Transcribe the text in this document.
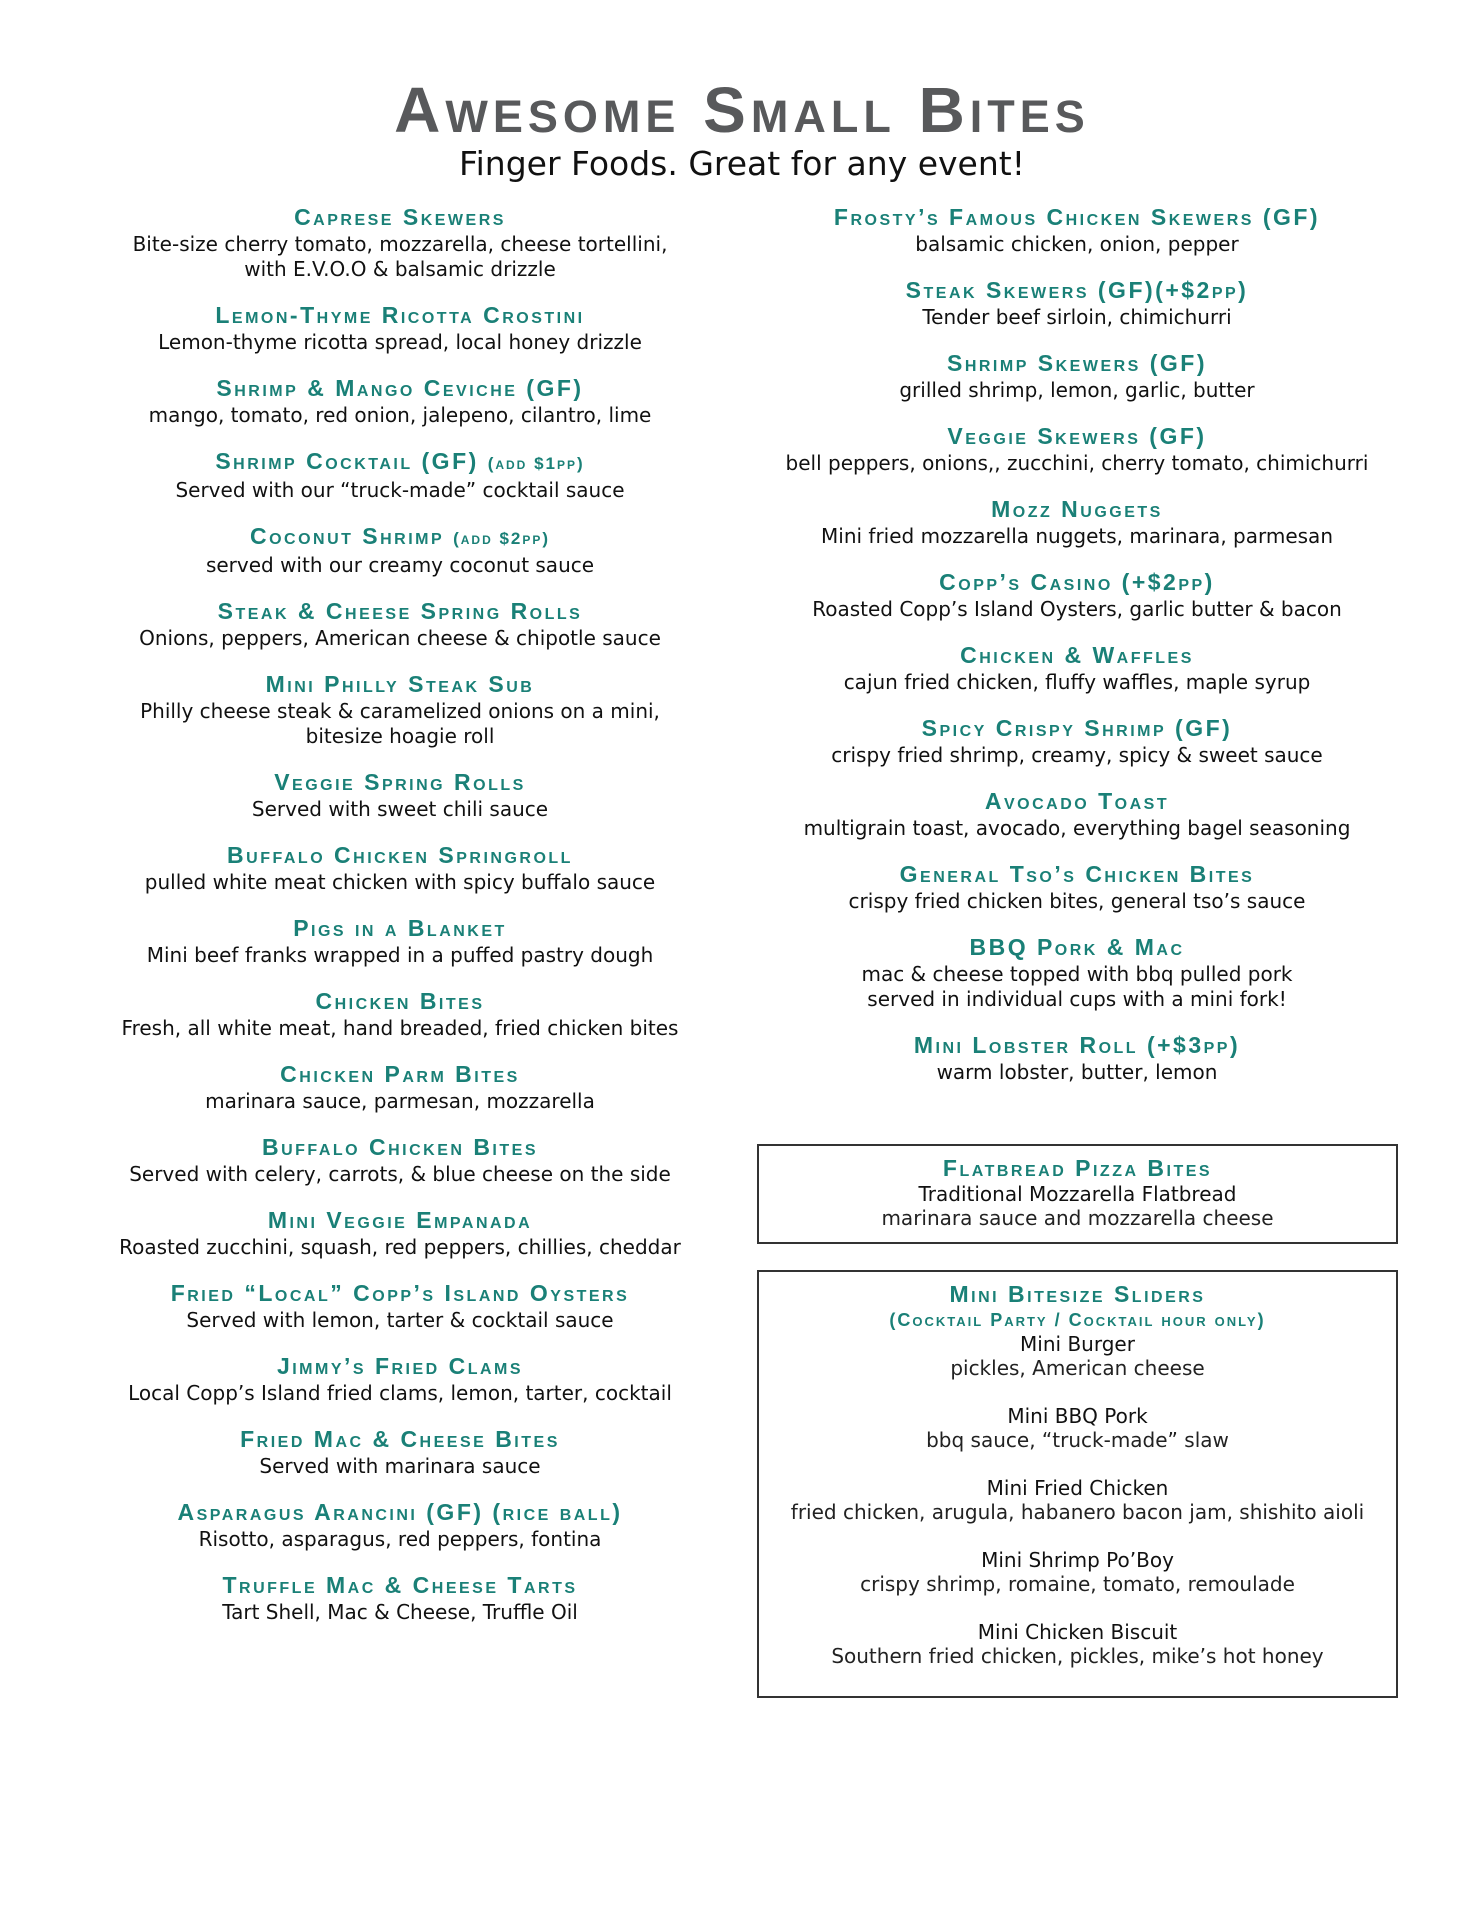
Awesome Small Bites
Finger Foods. Great for any event!
Caprese Skewers
Bite-size cherry tomato, mozzarella, cheese tortellini,
with E.V.O.O & balsamic drizzle
Lemon-Thyme Ricotta Crostini
Lemon-thyme ricotta spread, local honey drizzle
Shrimp & Mango Ceviche (GF)
mango, tomato, red onion, jalepeno, cilantro, lime
Shrimp Cocktail (GF) (add $1pp)
Served with our “truck-made” cocktail sauce
Coconut Shrimp (add $2pp)
served with our creamy coconut sauce
Steak & Cheese Spring Rolls
Onions, peppers, American cheese & chipotle sauce
Mini Philly Steak Sub
Philly cheese steak & caramelized onions on a mini,
bitesize hoagie roll
Veggie Spring Rolls
Served with sweet chili sauce
Buffalo Chicken Springroll
pulled white meat chicken with spicy buffalo sauce
Pigs in a Blanket
Mini beef franks wrapped in a puffed pastry dough
Chicken Bites
Fresh, all white meat, hand breaded, fried chicken bites
Chicken Parm Bites
marinara sauce, parmesan, mozzarella
Buffalo Chicken Bites
Served with celery, carrots, & blue cheese on the side
Mini Veggie Empanada
Roasted zucchini, squash, red peppers, chillies, cheddar
Fried “Local” Copp’s Island Oysters
Served with lemon, tarter & cocktail sauce
Jimmy’s Fried Clams
Local Copp’s Island fried clams, lemon, tarter, cocktail
Fried Mac & Cheese Bites
Served with marinara sauce
Asparagus Arancini (GF) (rice ball)
Risotto, asparagus, red peppers, fontina
Truffle Mac & Cheese Tarts
Tart Shell, Mac & Cheese, Truffle Oil
Frosty’s Famous Chicken Skewers (GF)
balsamic chicken, onion, pepper
Steak Skewers (GF)(+$2pp)
Tender beef sirloin, chimichurri
Shrimp Skewers (GF)
grilled shrimp, lemon, garlic, butter
Veggie Skewers (GF)
bell peppers, onions,, zucchini, cherry tomato, chimichurri
Mozz Nuggets
Mini fried mozzarella nuggets, marinara, parmesan
Copp’s Casino (+$2pp)
Roasted Copp’s Island Oysters, garlic butter & bacon
Chicken & Waffles
cajun fried chicken, fluffy waffles, maple syrup
Spicy Crispy Shrimp (GF)
crispy fried shrimp, creamy, spicy & sweet sauce
Avocado Toast
multigrain toast, avocado, everything bagel seasoning
General Tso’s Chicken Bites
crispy fried chicken bites, general tso’s sauce
BBQ Pork & Mac
mac & cheese topped with bbq pulled pork
served in individual cups with a mini fork!
Mini Lobster Roll (+$3pp)
warm lobster, butter, lemon
Flatbread Pizza Bites
Traditional Mozzarella Flatbread
marinara sauce and mozzarella cheese
Mini Bitesize Sliders
(Cocktail Party / Cocktail hour only)
Mini Burger
pickles, American cheese
Mini BBQ Pork
bbq sauce, “truck-made” slaw
Mini Fried Chicken
fried chicken, arugula, habanero bacon jam, shishito aioli
Mini Shrimp Po’Boy
crispy shrimp, romaine, tomato, remoulade
Mini Chicken Biscuit
Southern fried chicken, pickles, mike’s hot honey
